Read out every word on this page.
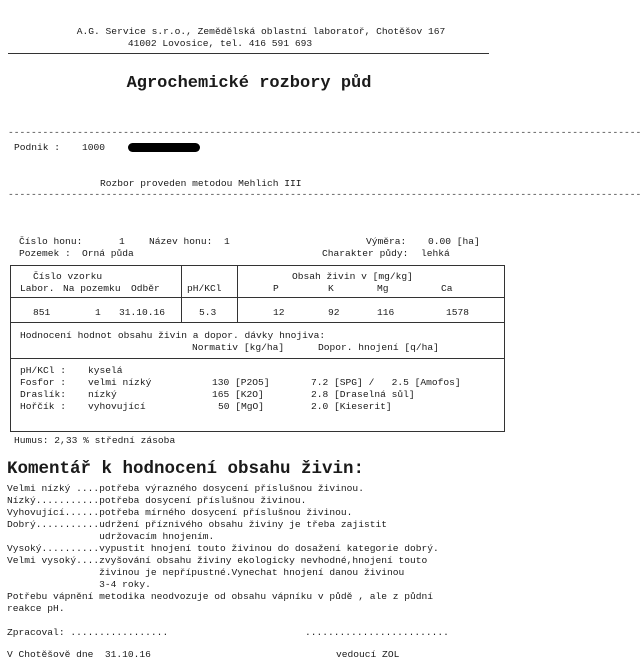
A.G. Service s.r.o., Zemědělská oblastní laboratoř, Chotěšov 167
41002 Lovosice, tel. 416 591 693
Agrochemické rozbory půd
--------------------------------------------------------------------------------------------------------------
Podnik : 1000
Rozbor proveden metodou Mehlich III
--------------------------------------------------------------------------------------------------------------
Číslo honu:	1	Název honu: 1	Výměra: 0.00 [ha]
Pozemek : Orná půda	Charakter půdy: lehká
Číslo vzorku
Labor. Na pozemku Odběr	pH/KCl
Obsah živin v [mg/kg]
P	K	Mg	Ca
851	1 31.10.16	5.3	12	92	116	1578
Hodnocení hodnot obsahu živin a dopor. dávky hnojiva:
Normativ [kg/ha]	Dopor. hnojení [q/ha]
pH/KCl : kyselá
Fosfor : velmi nízký	130 [P2O5]	7.2 [SPG] /   2.5 [Amofos]
Draslík: nízký	165 [K2O]	2.8 [Draselná sůl]
Hořčík : vyhovující	50 [MgO]	2.0 [Kieserit]
Humus: 2,33 % střední zásoba
Komentář k hodnocení obsahu živin:
Velmi nízký ....potřeba výrazného dosycení příslušnou živinou.
Nízký...........potřeba dosycení příslušnou živinou.
Vyhovující......potřeba mírného dosycení příslušnou živinou.
Dobrý...........udržení příznivého obsahu živiny je třeba zajistit
udržovacím hnojením.
Vysoký..........vypustit hnojení touto živinou do dosažení kategorie dobrý.
Velmi vysoký....zvyšování obsahu živiny ekologicky nevhodné,hnojení touto
živinou je nepřípustné.Vynechat hnojení danou živinou
3-4 roky.
Potřebu vápnění metodika neodvozuje od obsahu vápníku v půdě , ale z půdní
reakce pH.
Zpracoval: .................	.........................
V Chotěšově dne  31.10.16	vedoucí ZOL
